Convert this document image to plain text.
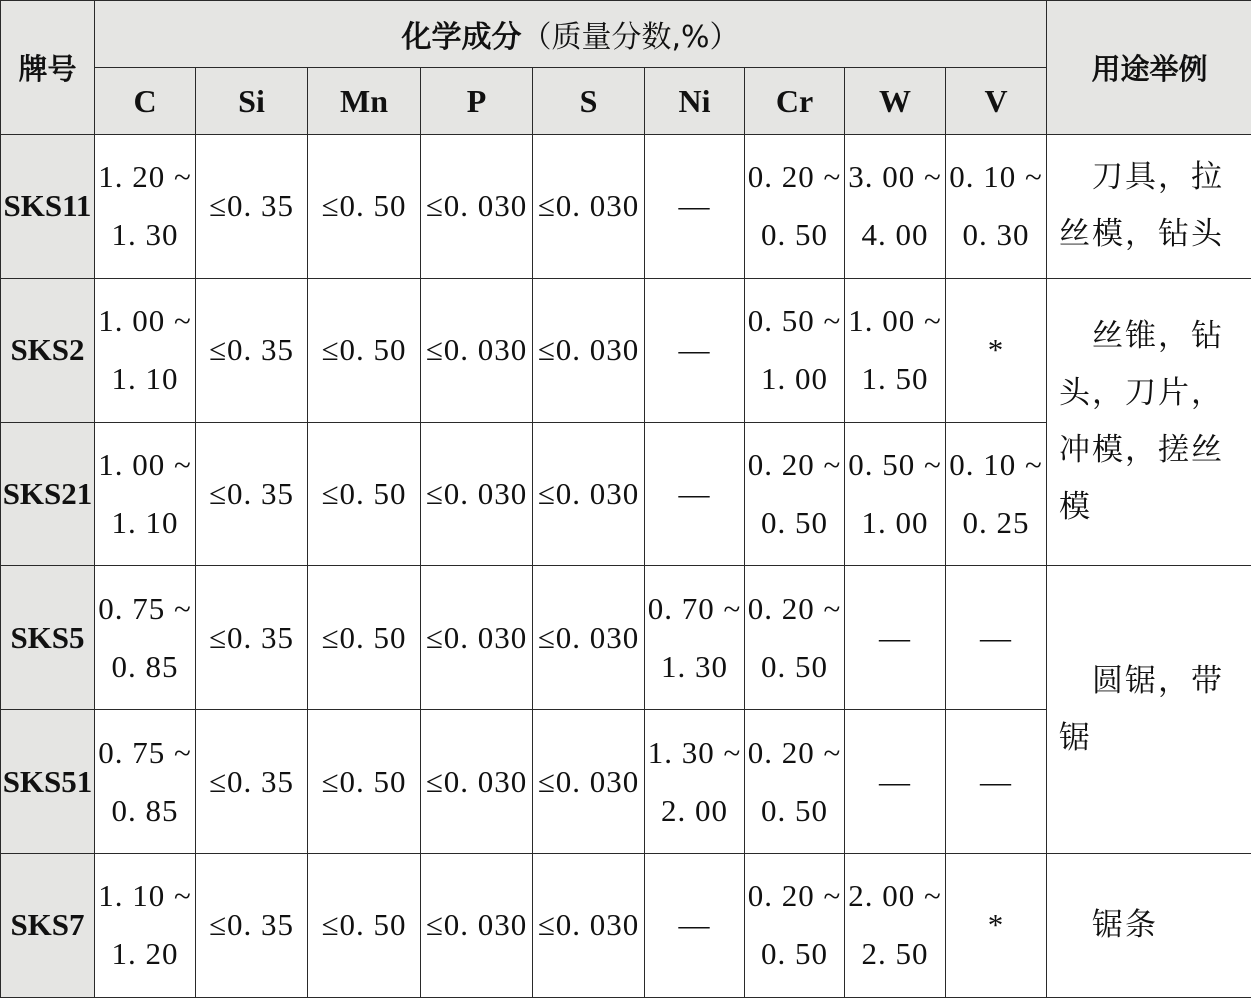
牌号	化学成分（质量分数,%）									用途举例
	C	Si	Mn	P	S	Ni	Cr	W	V	
SKS11	1. 20 ~
1. 30	≤0. 35	≤0. 50	≤0. 030	≤0. 030	—	0. 20 ~
0. 50	3. 00 ~
4. 00	0. 10 ~
0. 30	　刀具，拉丝模，钻头
SKS2	1. 00 ~
1. 10	≤0. 35	≤0. 50	≤0. 030	≤0. 030	—	0. 50 ~
1. 00	1. 00 ~
1. 50	*	　丝锥，钻头，刀片，冲模，搓丝模
SKS21	1. 00 ~
1. 10	≤0. 35	≤0. 50	≤0. 030	≤0. 030	—	0. 20 ~
0. 50	0. 50 ~
1. 00	0. 10 ~
0. 25	

SKS5	0. 75 ~
0. 85	≤0. 35	≤0. 50	≤0. 030	≤0. 030	0. 70 ~
1. 30	0. 20 ~
0. 50	—	—	　圆锯，带锯
SKS51	0. 75 ~
0. 85	≤0. 35	≤0. 50	≤0. 030	≤0. 030	1. 30 ~
2. 00	0. 20 ~
0. 50	—	—	
SKS7	1. 10 ~
1. 20	≤0. 35	≤0. 50	≤0. 030	≤0. 030	—	0. 20 ~
0. 50	2. 00 ~
2. 50	*	　锯条
